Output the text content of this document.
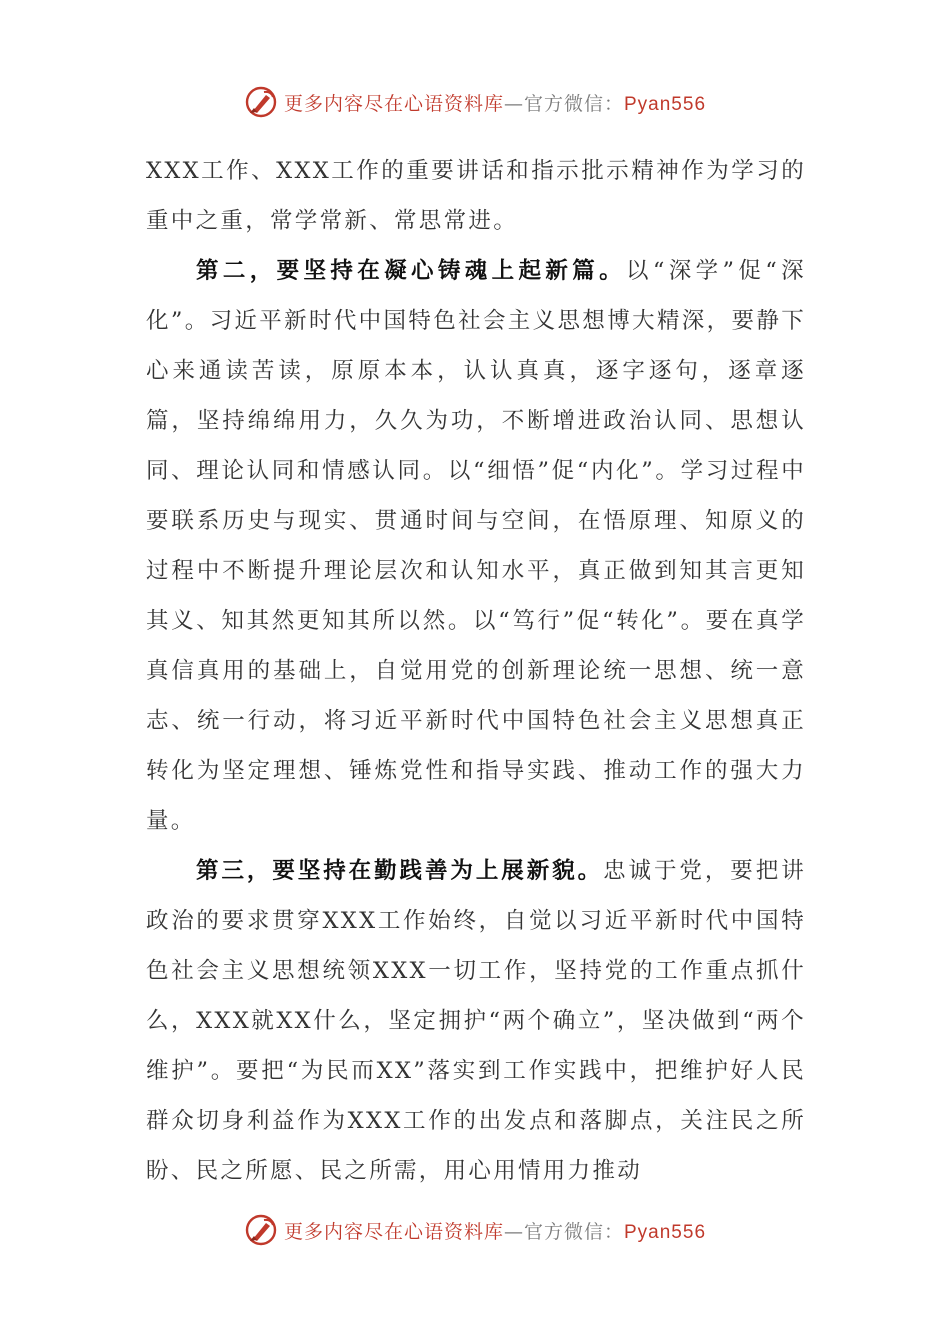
更多内容尽在心语资料库—官方微信：Pyan556

XXX工作、XXX工作的重要讲话和指示批示精神作为学习的重中之重，常学常新、常思常进。

第二，要坚持在凝心铸魂上起新篇。以“深学”促“深化”。习近平新时代中国特色社会主义思想博大精深，要静下心来通读苦读，原原本本，认认真真，逐字逐句，逐章逐篇，坚持绵绵用力，久久为功，不断增进政治认同、思想认同、理论认同和情感认同。以“细悟”促“内化”。学习过程中要联系历史与现实、贯通时间与空间，在悟原理、知原义的过程中不断提升理论层次和认知水平，真正做到知其言更知其义、知其然更知其所以然。以“笃行”促“转化”。要在真学真信真用的基础上，自觉用党的创新理论统一思想、统一意志、统一行动，将习近平新时代中国特色社会主义思想真正转化为坚定理想、锤炼党性和指导实践、推动工作的强大力量。

第三，要坚持在勤践善为上展新貌。忠诚于党，要把讲政治的要求贯穿XXX工作始终，自觉以习近平新时代中国特色社会主义思想统领XXX一切工作，坚持党的工作重点抓什么，XXX就XX什么，坚定拥护“两个确立”，坚决做到“两个维护”。要把“为民而XX”落实到工作实践中，把维护好人民群众切身利益作为XXX工作的出发点和落脚点，关注民之所盼、民之所愿、民之所需，用心用情用力推动

更多内容尽在心语资料库—官方微信：Pyan556
